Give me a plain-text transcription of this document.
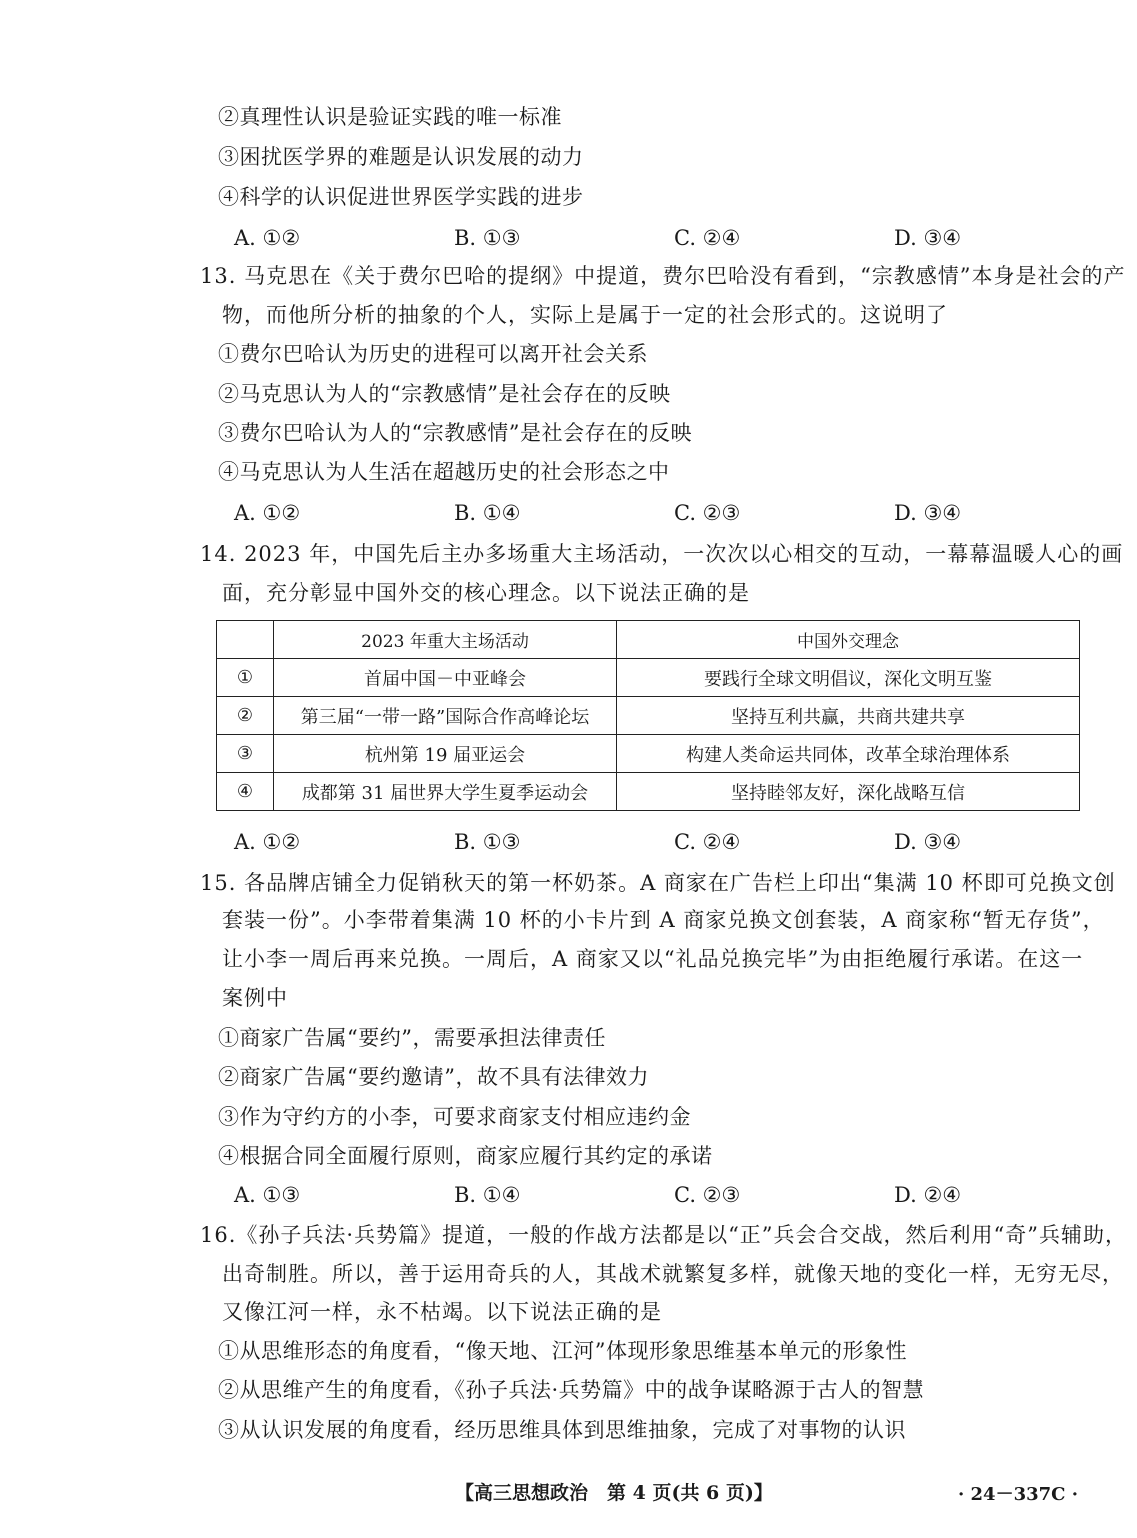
②真理性认识是验证实践的唯一标准
③困扰医学界的难题是认识发展的动力
④科学的认识促进世界医学实践的进步
A. ①②	B. ①③	C. ②④	D. ③④
13. 马克思在《关于费尔巴哈的提纲》中提道，费尔巴哈没有看到，“宗教感情”本身是社会的产
物，而他所分析的抽象的个人，实际上是属于一定的社会形式的。这说明了
①费尔巴哈认为历史的进程可以离开社会关系
②马克思认为人的“宗教感情”是社会存在的反映
③费尔巴哈认为人的“宗教感情”是社会存在的反映
④马克思认为人生活在超越历史的社会形态之中
A. ①②	B. ①④	C. ②③	D. ③④
14. 2023 年，中国先后主办多场重大主场活动，一次次以心相交的互动，一幕幕温暖人心的画
面，充分彰显中国外交的核心理念。以下说法正确的是
	2023 年重大主场活动	中国外交理念
①	首届中国－中亚峰会	要践行全球文明倡议，深化文明互鉴
②	第三届“一带一路”国际合作高峰论坛	坚持互利共赢，共商共建共享
③	杭州第 19 届亚运会	构建人类命运共同体，改革全球治理体系
④	成都第 31 届世界大学生夏季运动会	坚持睦邻友好，深化战略互信
A. ①②	B. ①③	C. ②④	D. ③④
15. 各品牌店铺全力促销秋天的第一杯奶茶。A 商家在广告栏上印出“集满 10 杯即可兑换文创
套装一份”。小李带着集满 10 杯的小卡片到 A 商家兑换文创套装，A 商家称“暂无存货”，
让小李一周后再来兑换。一周后，A 商家又以“礼品兑换完毕”为由拒绝履行承诺。在这一
案例中
①商家广告属“要约”，需要承担法律责任
②商家广告属“要约邀请”，故不具有法律效力
③作为守约方的小李，可要求商家支付相应违约金
④根据合同全面履行原则，商家应履行其约定的承诺
A. ①③	B. ①④	C. ②③	D. ②④
16.《孙子兵法·兵势篇》提道，一般的作战方法都是以“正”兵会合交战，然后利用“奇”兵辅助，
出奇制胜。所以，善于运用奇兵的人，其战术就繁复多样，就像天地的变化一样，无穷无尽，
又像江河一样，永不枯竭。以下说法正确的是
①从思维形态的角度看，“像天地、江河”体现形象思维基本单元的形象性
②从思维产生的角度看，《孙子兵法·兵势篇》中的战争谋略源于古人的智慧
③从认识发展的角度看，经历思维具体到思维抽象，完成了对事物的认识
【高三思想政治　第 4 页(共 6 页)】	· 24－337C ·
